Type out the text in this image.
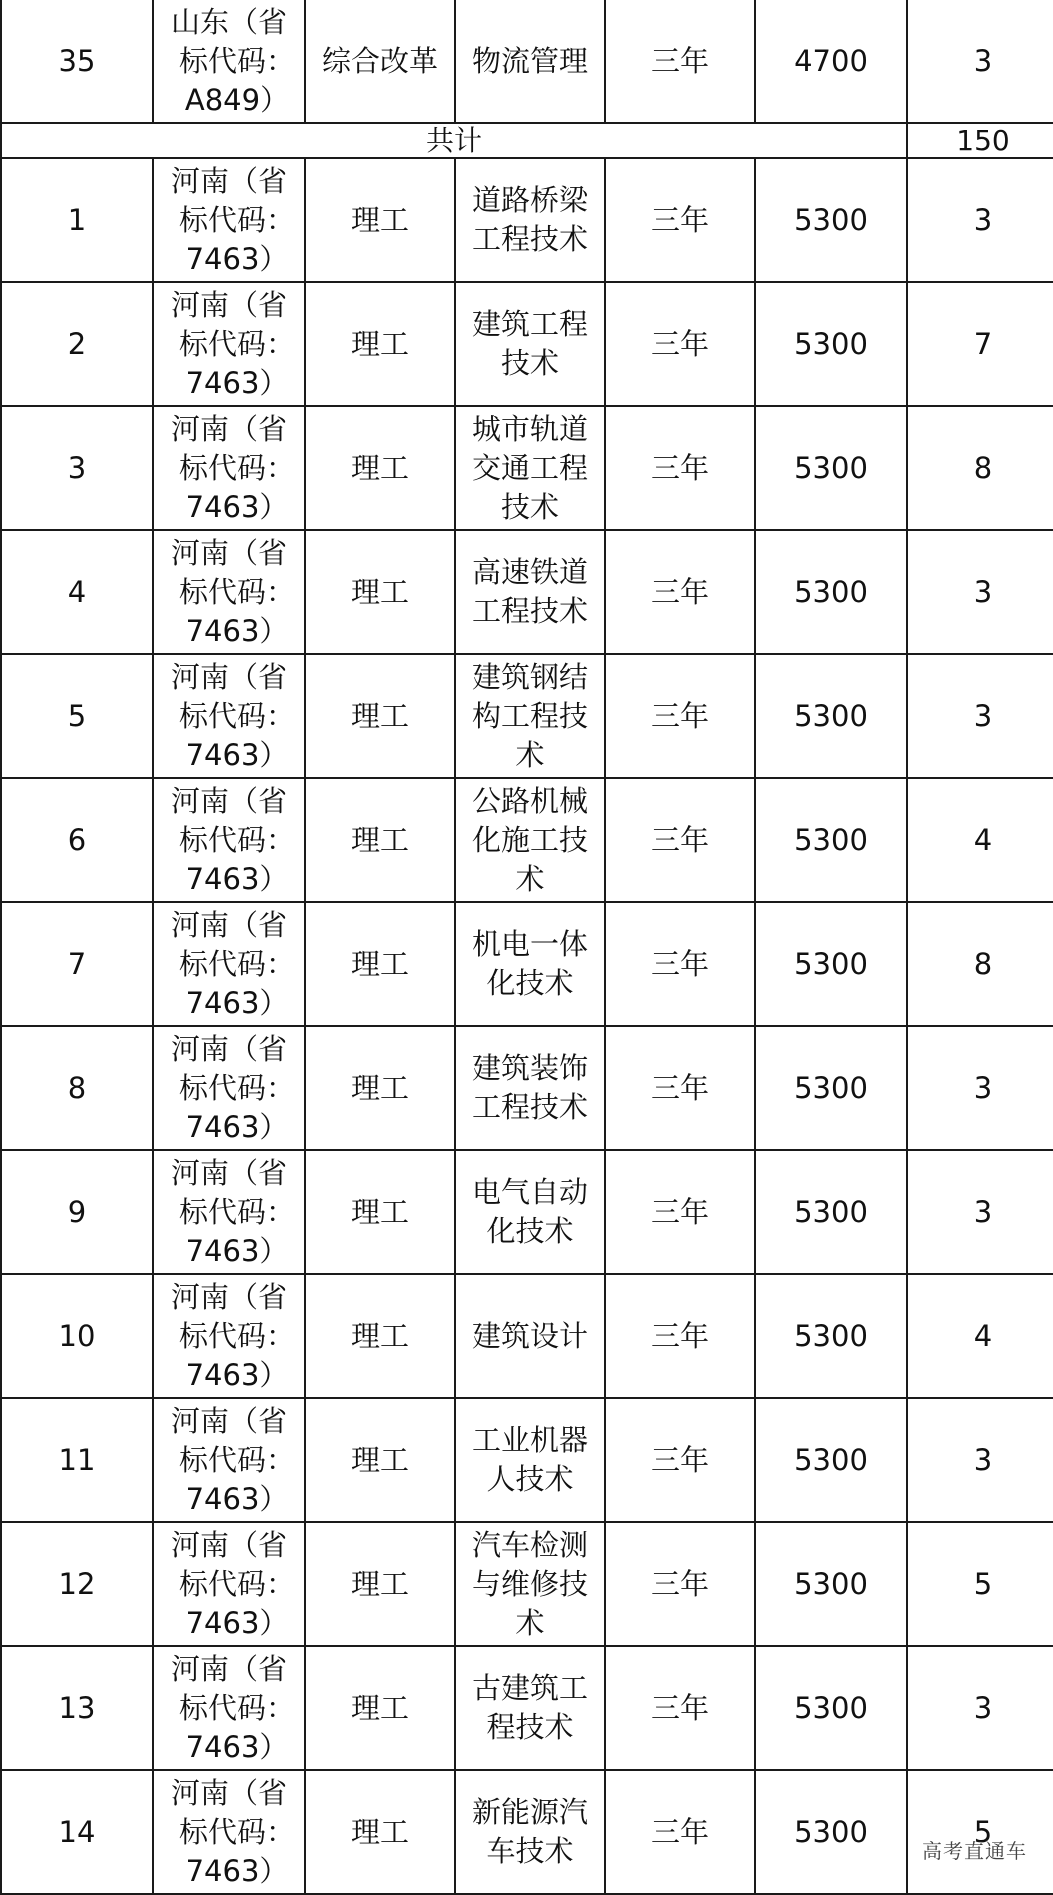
35	山东（省
标代码：
A849）	综合改革	物流管理	三年	4700	3
共计						150
1	河南（省
标代码：
7463）	理工	道路桥梁
工程技术	三年	5300	3
2	河南（省
标代码：
7463）	理工	建筑工程
技术	三年	5300	7
3	河南（省
标代码：
7463）	理工	城市轨道
交通工程
技术	三年	5300	8
4	河南（省
标代码：
7463）	理工	高速铁道
工程技术	三年	5300	3
5	河南（省
标代码：
7463）	理工	建筑钢结
构工程技
术	三年	5300	3
6	河南（省
标代码：
7463）	理工	公路机械
化施工技
术	三年	5300	4
7	河南（省
标代码：
7463）	理工	机电一体
化技术	三年	5300	8
8	河南（省
标代码：
7463）	理工	建筑装饰
工程技术	三年	5300	3
9	河南（省
标代码：
7463）	理工	电气自动
化技术	三年	5300	3
10	河南（省
标代码：
7463）	理工	建筑设计	三年	5300	4
11	河南（省
标代码：
7463）	理工	工业机器
人技术	三年	5300	3
12	河南（省
标代码：
7463）	理工	汽车检测
与维修技
术	三年	5300	5
13	河南（省
标代码：
7463）	理工	古建筑工
程技术	三年	5300	3
14	河南（省
标代码：
7463）	理工	新能源汽
车技术	三年	5300	5
高考直通车
